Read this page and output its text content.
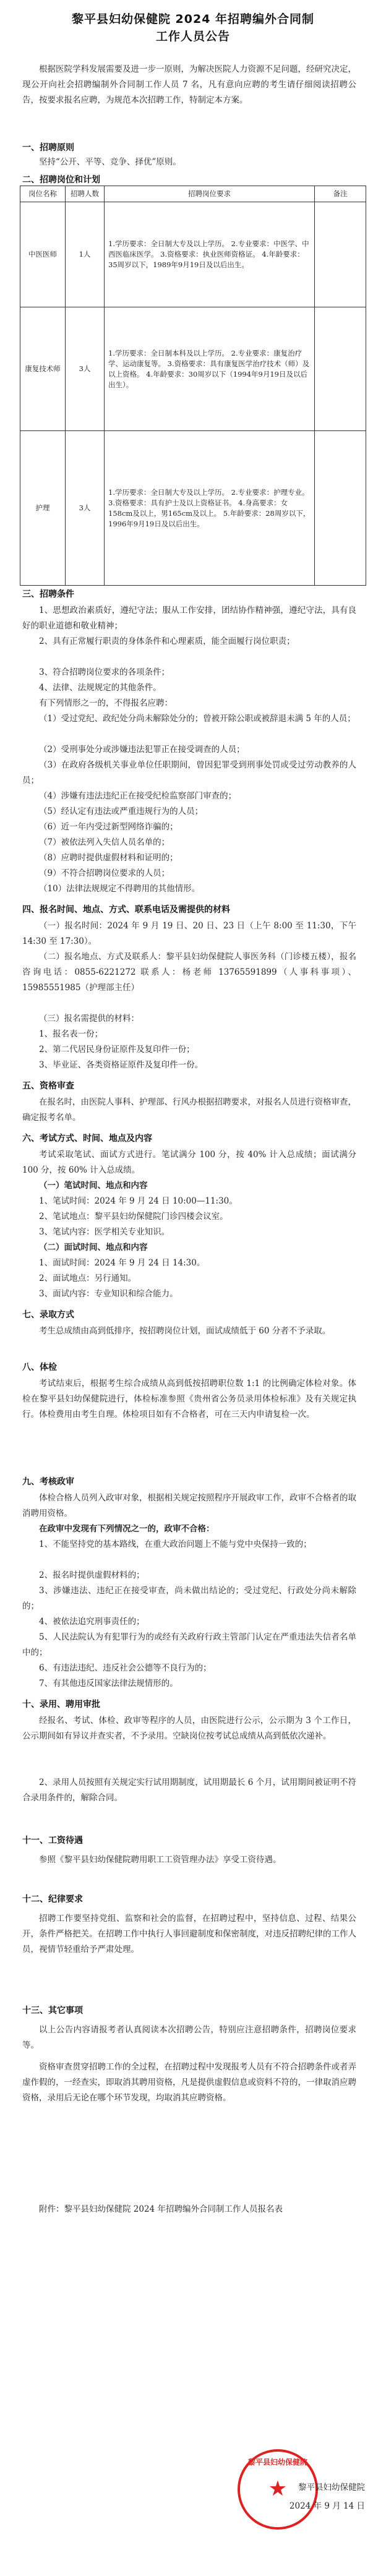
黎平县妇幼保健院 2024 年招聘编外合同制
工作人员公告
根据医院学科发展需要及进一步一原则，为解决医院人力资源不足问题，经研究决定，现公开向社会招聘编制外合同制工作人员 7 名，凡有意向应聘的考生请仔细阅读招聘公告，按要求报名应聘，为规范本次招聘工作，特制定本方案。
一、招聘原则
坚持“公开、平等、竞争、择优”原则。
二、招聘岗位和计划
岗位名称	招聘人数	招聘岗位要求	备注
中医医师	1人	1.学历要求：全日制大专及以上学历。 2.专业要求：中医学、中西医临床医学。 3.资格要求：执业医师资格证。 4.年龄要求：35周岁以下，1989年9月19日及以后出生。	
康复技术师	3人	1.学历要求：全日制本科及以上学历。 2.专业要求：康复治疗学、运动康复等。 3.资格要求：具有康复医学治疗技术（师）及以上资格。 4.年龄要求：30周岁以下（1994年9月19日及以后出生）。	
护理	3人	1.学历要求：全日制大专及以上学历。 2.专业要求：护理专业。 3.资格要求：具有护士及以上资格证书。 4.身高要求：女158cm及以上，男165cm及以上。 5.年龄要求：28周岁以下，1996年9月19日及以后出生。	
三、招聘条件
1、思想政治素质好，遵纪守法；服从工作安排，团结协作精神强，遵纪守法，具有良好的职业道德和敬业精神；
2、具有正常履行职责的身体条件和心理素质，能全面履行岗位职责；
3、符合招聘岗位要求的各项条件；
4、法律、法规规定的其他条件。
有下列情形之一的，不得报名应聘：
（1）受过党纪、政纪处分尚未解除处分的；曾被开除公职或被辞退未满 5 年的人员；
（2）受刑事处分或涉嫌违法犯罪正在接受调查的人员；
（3）在政府各级机关事业单位任职期间，曾因犯罪受到刑事处罚或受过劳动教养的人员；
（4）涉嫌有违法违纪正在接受纪检监察部门审查的；
（5）经认定有违法或严重违规行为的人员；
（6）近一年内受过新型网络诈骗的；
（7）被依法列入失信人员名单的；
（8）应聘时提供虚假材料和证明的；
（9）不符合招聘岗位要求的人员；
（10）法律法规规定不得聘用的其他情形。
四、报名时间、地点、方式、联系电话及需提供的材料
（一）报名时间：2024 年 9 月 19 日、20 日、23 日（上午 8:00 至 11:30，下午 14:30 至 17:30）。
（二）报名地点、方式及联系人：黎平县妇幼保健院人事医务科（门诊楼五楼），报名咨询电话：0855-6221272 联系人：杨老师 13765591899（人事科事项）、15985551985（护理部主任）
（三）报名需提供的材料：
1、报名表一份；
2、第二代居民身份证原件及复印件一份；
3、毕业证、各类资格证原件及复印件一份。
五、资格审查
在报名时，由医院人事科、护理部、行风办根据招聘要求，对报名人员进行资格审查，确定报考名单。
六、考试方式、时间、地点及内容
考试采取笔试、面试方式进行。笔试满分 100 分，按 40% 计入总成绩；面试满分 100 分，按 60% 计入总成绩。
（一）笔试时间、地点和内容
1、笔试时间：2024 年 9 月 24 日 10:00—11:30。
2、笔试地点：黎平县妇幼保健院门诊四楼会议室。
3、笔试内容：医学相关专业知识。
（二）面试时间、地点和内容
1、面试时间：2024 年 9 月 24 日 14:30。
2、面试地点：另行通知。
3、面试内容：专业知识和综合能力。
七、录取方式
考生总成绩由高到低排序，按招聘岗位计划，面试成绩低于 60 分者不予录取。
八、体检
考试结束后，根据考生综合成绩从高到低按招聘职位数 1:1 的比例确定体检对象。体检在黎平县妇幼保健院进行，体检标准参照《贵州省公务员录用体检标准》及有关规定执行。体检费用由考生自理。体检项目如有不合格者，可在三天内申请复检一次。
九、考核政审
体检合格人员列入政审对象，根据相关规定按照程序开展政审工作，政审不合格者的取消聘用资格。
在政审中发现有下列情况之一的，政审不合格：
1、不能坚持党的基本路线，在重大政治问题上不能与党中央保持一致的；
2、报名时提供虚假材料的；
3、涉嫌违法、违纪正在接受审查，尚未做出结论的；受过党纪、行政处分尚未解除的；
4、被依法追究刑事责任的；
5、人民法院认为有犯罪行为的或经有关政府行政主管部门认定在严重违法失信者名单中的；
6、有违法违纪、违反社会公德等不良行为的；
7、有其他违反国家法律法规情形的。
十、录用、聘用审批
经报名、考试、体检、政审等程序的人员，由医院进行公示，公示期为 3 个工作日，公示期间如有异议并查实者，不予录用。空缺岗位按考试总成绩从高到低依次递补。
2、录用人员按照有关规定实行试用期制度，试用期最长 6 个月，试用期间被证明不符合录用条件的，解除合同。
十一、工资待遇
参照《黎平县妇幼保健院聘用职工工资管理办法》享受工资待遇。
十二、纪律要求
招聘工作要坚持党组、监察和社会的监督，在招聘过程中，坚持信息、过程、结果公开，条件严格把关。在招聘工作中执行人事回避制度和保密制度，对违反招聘纪律的工作人员，视情节轻重给予严肃处理。
十三、其它事项
以上公告内容请报考者认真阅读本次招聘公告，特别应注意招聘条件，招聘岗位要求等。
资格审查贯穿招聘工作的全过程，在招聘过程中发现报考人员有不符合招聘条件或者弄虚作假的，一经查实，即取消其聘用资格，凡是提供虚假信息或资料不符的，一律取消应聘资格，录用后无论在哪个环节发现，均取消其应聘资格。
附件：黎平县妇幼保健院 2024 年招聘编外合同制工作人员报名表
黎平县妇幼保健院
★	黎平县妇幼保健院
2024 年 9 月 14 日
